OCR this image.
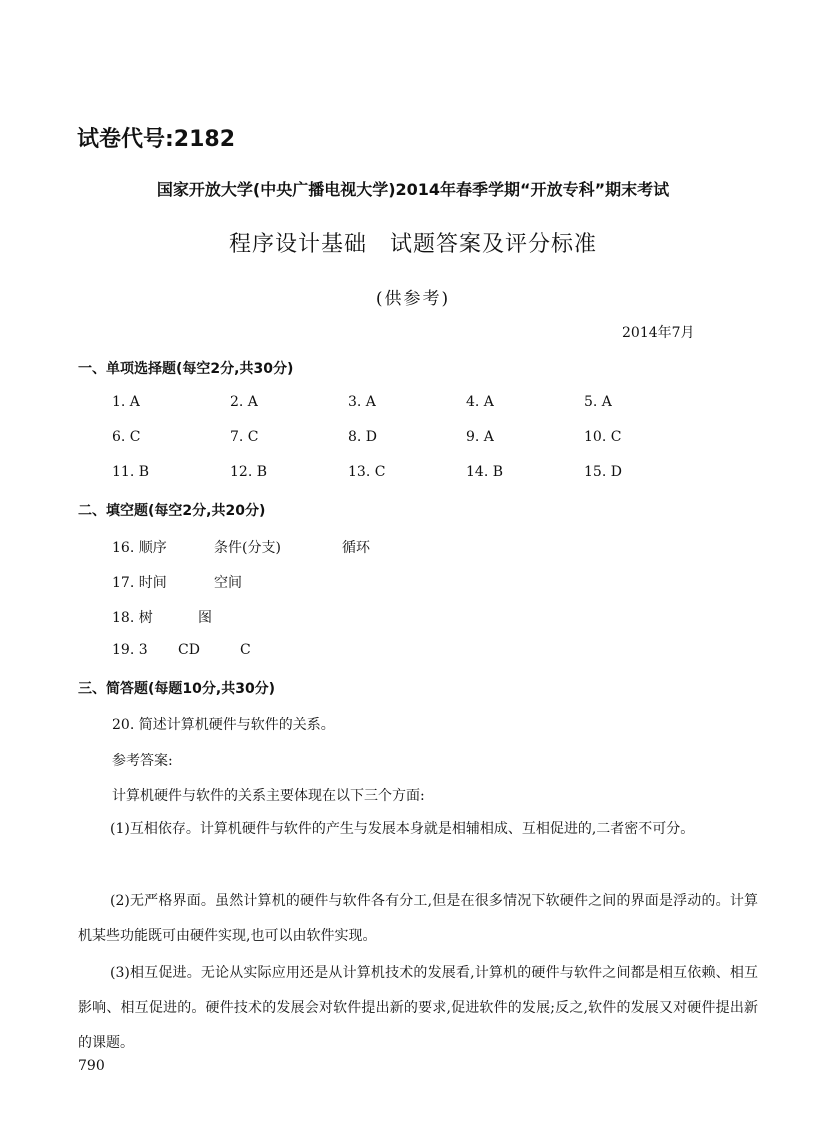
试卷代号:2182
国家开放大学(中央广播电视大学)2014年春季学期“开放专科”期末考试
程序设计基础　试题答案及评分标准
(供参考)
2014年7月
一、单项选择题(每空2分,共30分)
1. A	2. A	3. A	4. A	5. A
6. C	7. C	8. D	9. A	10. C
11. B	12. B	13. C	14. B	15. D
二、填空题(每空2分,共20分)
16. 顺序	条件(分支)	循环
17. 时间	空间
18. 树	图
19. 3 CD	C
三、简答题(每题10分,共30分)
20. 简述计算机硬件与软件的关系。
参考答案:
计算机硬件与软件的关系主要体现在以下三个方面:
(1)互相依存。计算机硬件与软件的产生与发展本身就是相辅相成、互相促进的,二者密不可分。
(2)无严格界面。虽然计算机的硬件与软件各有分工,但是在很多情况下软硬件之间的界面是浮动的。计算机某些功能既可由硬件实现,也可以由软件实现。
(3)相互促进。无论从实际应用还是从计算机技术的发展看,计算机的硬件与软件之间都是相互依赖、相互影响、相互促进的。硬件技术的发展会对软件提出新的要求,促进软件的发展;反之,软件的发展又对硬件提出新的课题。
790
